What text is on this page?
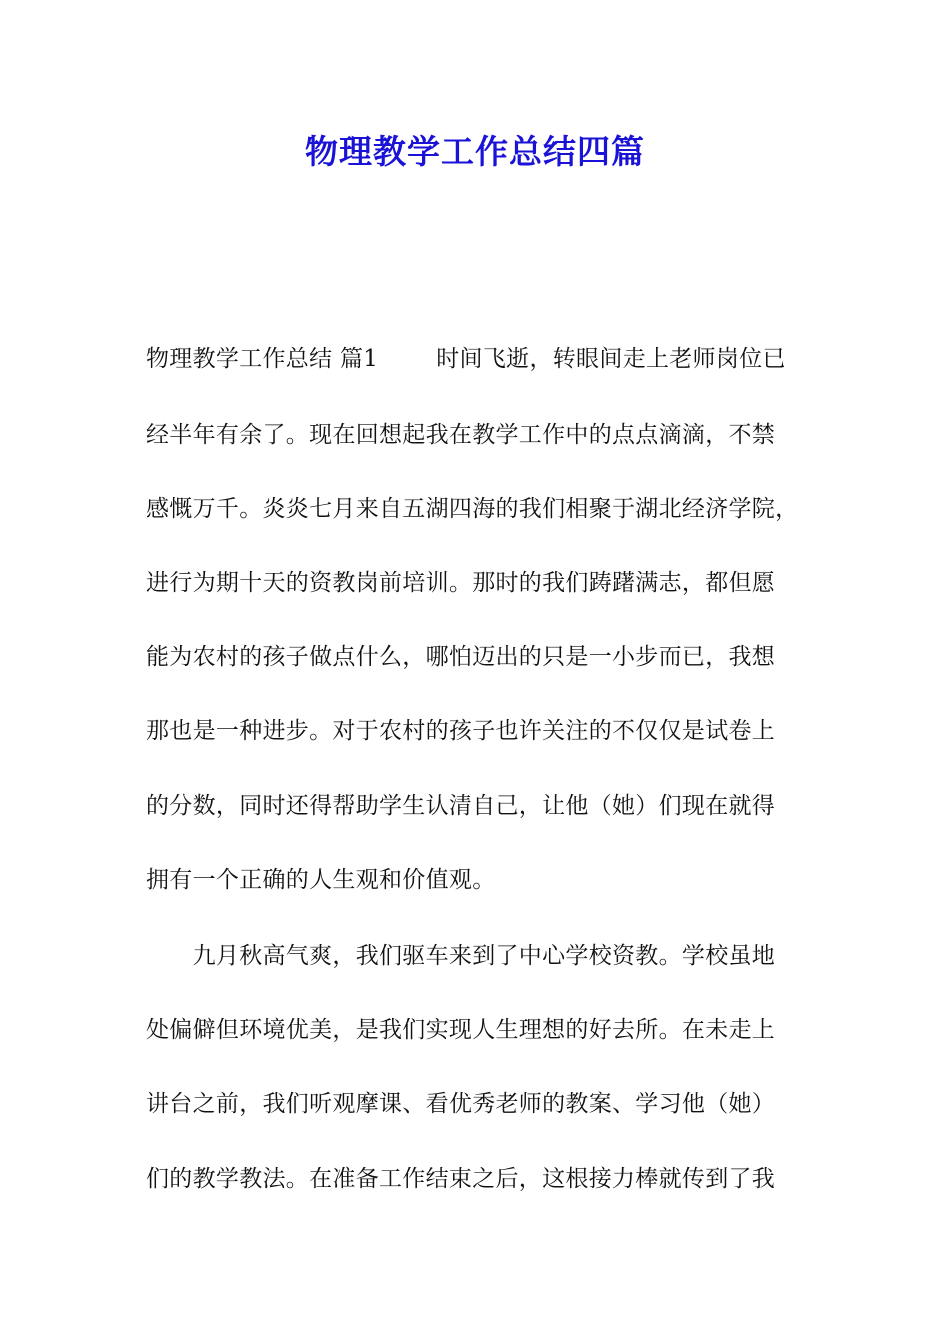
物理教学工作总结四篇
物理教学工作总结 篇1	时间飞逝，转眼间走上老师岗位已
经半年有余了。现在回想起我在教学工作中的点点滴滴，不禁
感慨万千。炎炎七月来自五湖四海的我们相聚于湖北经济学院，
进行为期十天的资教岗前培训。那时的我们踌躇满志，都但愿
能为农村的孩子做点什么，哪怕迈出的只是一小步而已，我想
那也是一种进步。对于农村的孩子也许关注的不仅仅是试卷上
的分数，同时还得帮助学生认清自己，让他（她）们现在就得
拥有一个正确的人生观和价值观。
　　九月秋高气爽，我们驱车来到了中心学校资教。学校虽地
处偏僻但环境优美，是我们实现人生理想的好去所。在未走上
讲台之前，我们听观摩课、看优秀老师的教案、学习他（她）
们的教学教法。在准备工作结束之后，这根接力棒就传到了我
